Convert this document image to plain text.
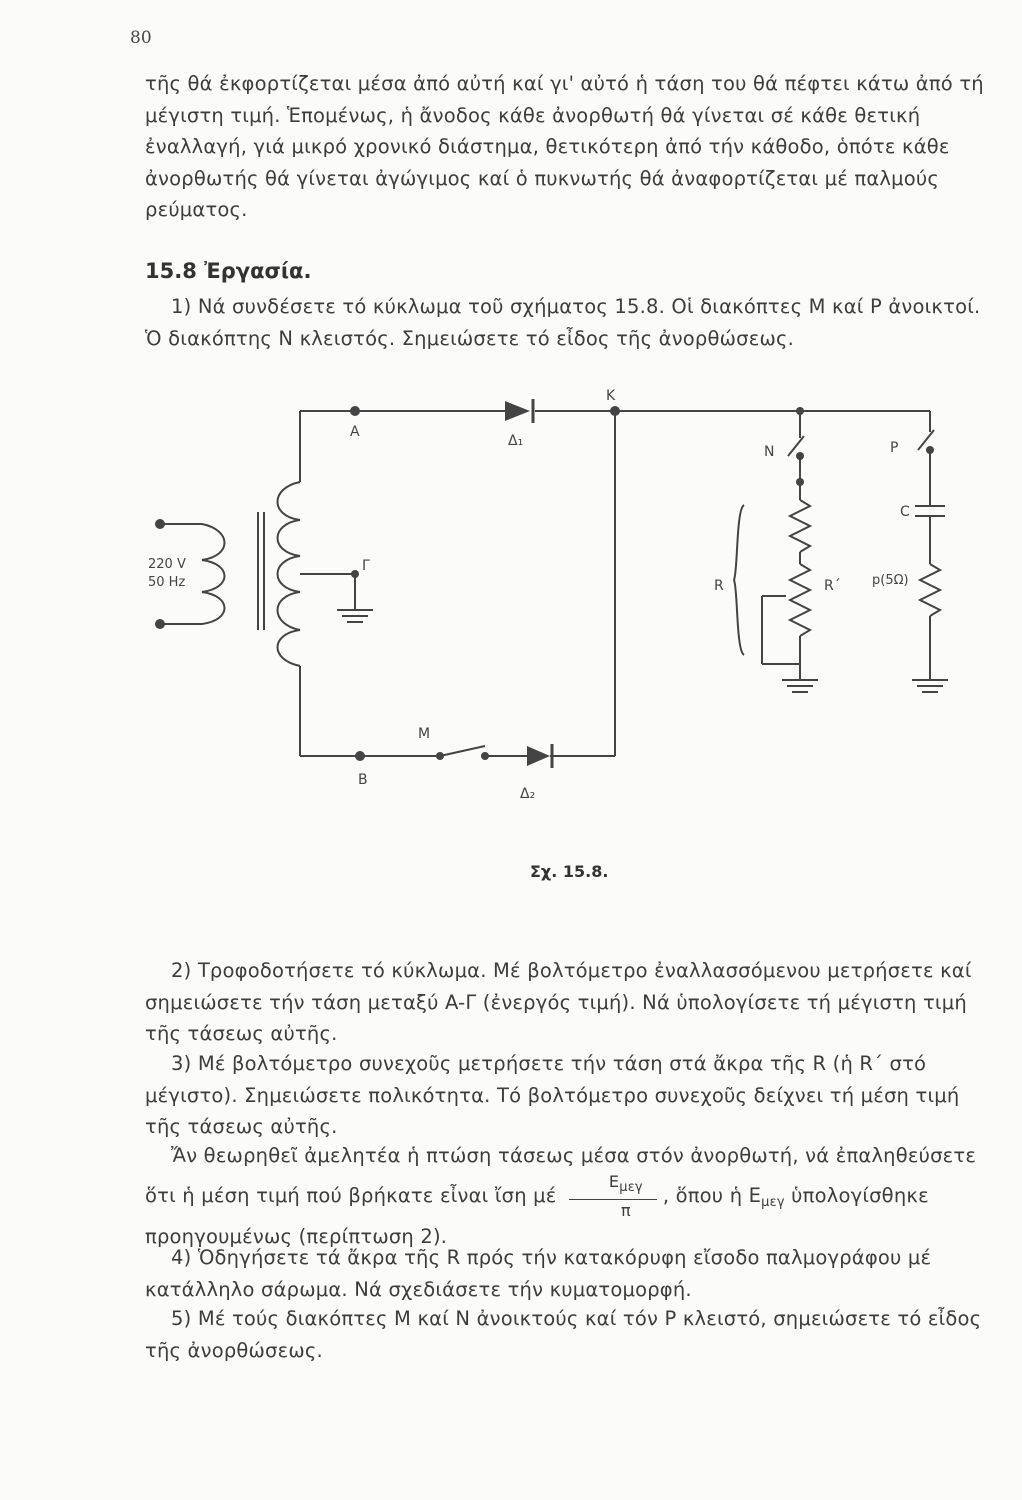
80
τῆς θά ἐκφορτίζεται μέσα ἀπό αὐτή καί γι' αὐτό ἡ τάση του θά πέφτει κάτω ἀπό τή μέγιστη τιμή. Ἑπομένως, ἡ ἄνοδος κάθε ἀνορθωτή θά γίνεται σέ κάθε θετική ἐναλλαγή, γιά μικρό χρονικό διάστημα, θετικότερη ἀπό τήν κάθοδο, ὁπότε κάθε ἀνορθωτής θά γίνεται ἀγώγιμος καί ὁ πυκνωτής θά ἀναφορτίζεται μέ παλμούς ρεύματος.
15.8 Ἐργασία.
1) Νά συνδέσετε τό κύκλωμα τοῦ σχήματος 15.8. Οἱ διακόπτες M καί P ἀνοικτοί. Ὁ διακόπτης N κλειστός. Σημειώσετε τό εἶδος τῆς ἀνορθώσεως.
220 V
50 Hz
A
Γ
Δ₁
K
B
Δ₂
M
N	P
C
R	R΄ p(5Ω)
Σχ. 15.8.
2) Τροφοδοτήσετε τό κύκλωμα. Μέ βολτόμετρο ἐναλλασσόμενου μετρήσετε καί σημειώσετε τήν τάση μεταξύ A-Γ (ἐνεργός τιμή). Νά ὑπολογίσετε τή μέγιστη τιμή τῆς τάσεως αὐτῆς.
3) Μέ βολτόμετρο συνεχοῦς μετρήσετε τήν τάση στά ἄκρα τῆς R (ἡ R΄ στό μέγιστο). Σημειώσετε πολικότητα. Τό βολτόμετρο συνεχοῦς δείχνει τή μέση τιμή τῆς τάσεως αὐτῆς.
Ἄν θεωρηθεῖ ἀμελητέα ἡ πτώση τάσεως μέσα στόν ἀνορθωτή, νά ἐπαληθεύσετε ὅτι ἡ μέση τιμή πού βρήκατε εἶναι ἴση μέ $\frac{E_{\mu\varepsilon\gamma}}{\pi}$ , ὅπου ἡ $E_{\mu\varepsilon\gamma}$ ὑπολογίσθηκε προηγουμένως (περίπτωση 2).
4) Ὁδηγήσετε τά ἄκρα τῆς R πρός τήν κατακόρυφη εἴσοδο παλμογράφου μέ κατάλληλο σάρωμα. Νά σχεδιάσετε τήν κυματομορφή.
5) Μέ τούς διακόπτες M καί N ἀνοικτούς καί τόν P κλειστό, σημειώσετε τό εἶδος τῆς ἀνορθώσεως.
